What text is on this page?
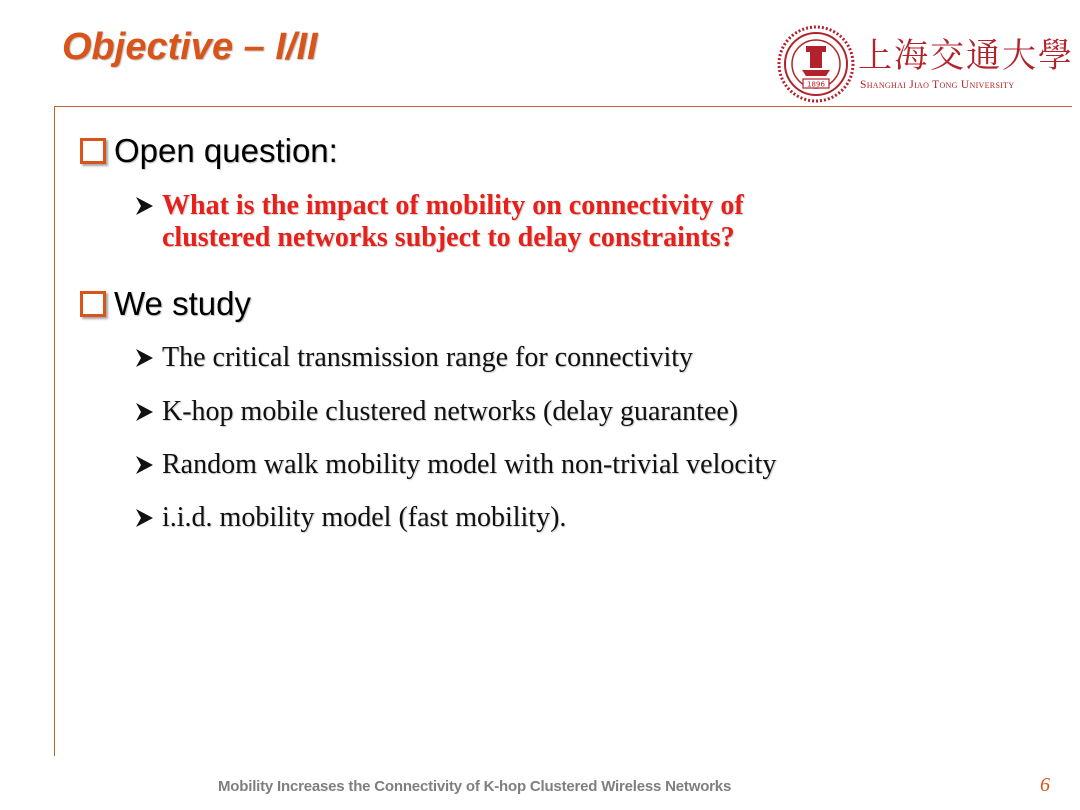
Objective – I/II
1896
上海交通大學
Shanghai Jiao Tong University
Open question:
What is the impact of mobility on connectivity of
clustered networks subject to delay constraints?
We study
The critical transmission range for connectivity
K-hop mobile clustered networks (delay guarantee)
Random walk mobility model with non-trivial velocity
i.i.d. mobility model (fast mobility).
Mobility Increases the Connectivity of K-hop Clustered Wireless Networks	6
